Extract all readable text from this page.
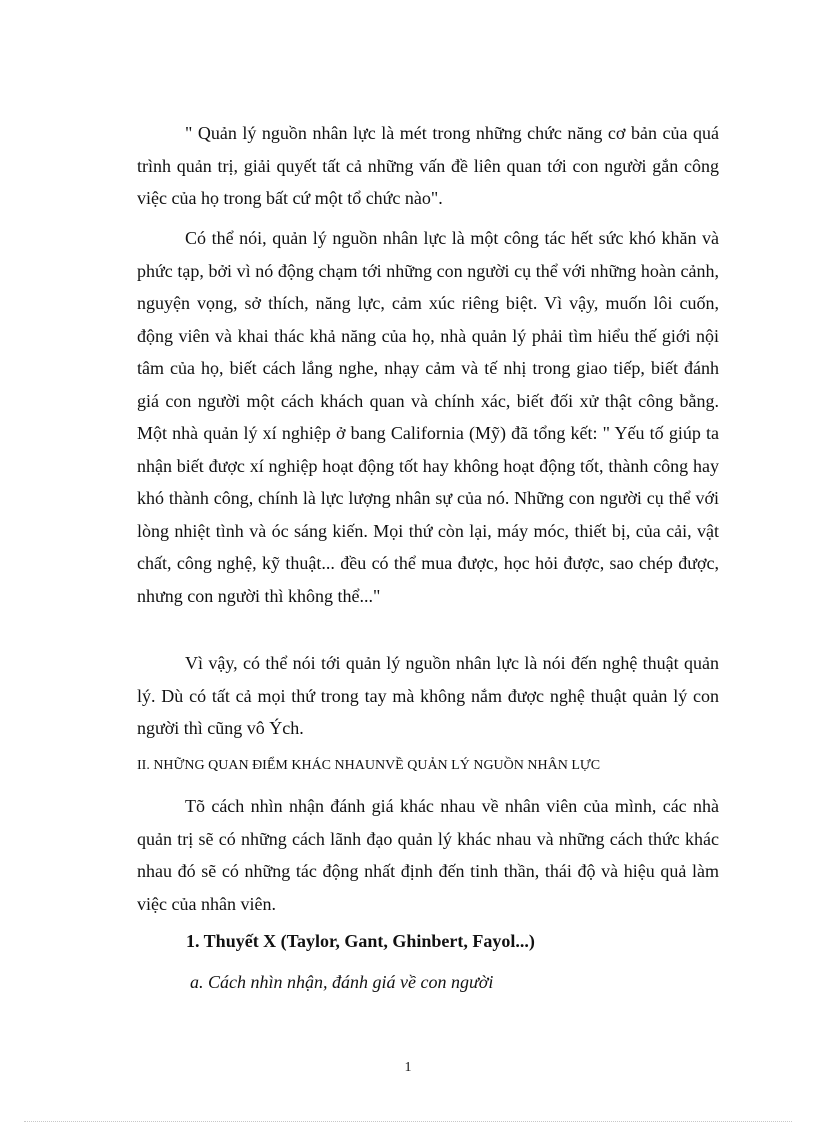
" Quản lý nguồn nhân lực là mét trong những chức năng cơ bản của quá trình quản trị, giải quyết tất cả những vấn đề liên quan tới con người gắn công việc của họ trong bất cứ một tổ chức nào".

Có thể nói, quản lý nguồn nhân lực là một công tác hết sức khó khăn và phức tạp, bởi vì nó động chạm tới những con người cụ thể với những hoàn cảnh, nguyện vọng, sở thích, năng lực, cảm xúc riêng biệt. Vì vậy, muốn lôi cuốn, động viên và khai thác khả năng của họ, nhà quản lý phải tìm hiểu thế giới nội tâm của họ, biết cách lắng nghe, nhạy cảm và tế nhị trong giao tiếp, biết đánh giá con người một cách khách quan và chính xác, biết đối xử thật công bằng. Một nhà quản lý xí nghiệp ở bang California (Mỹ) đã tổng kết: " Yếu tố giúp ta nhận biết được xí nghiệp hoạt động tốt hay không hoạt động tốt, thành công hay khó thành công, chính là lực lượng nhân sự của nó. Những con người cụ thể với lòng nhiệt tình và óc sáng kiến. Mọi thứ còn lại, máy móc, thiết bị, của cải, vật chất, công nghệ, kỹ thuật... đều có thể mua được, học hỏi được, sao chép được, nhưng con người thì không thể..."

Vì vậy, có thể nói tới quản lý nguồn nhân lực là nói đến nghệ thuật quản lý. Dù có tất cả mọi thứ trong tay mà không nắm được nghệ thuật quản lý con người thì cũng vô Ých.

II. NHỮNG QUAN ĐIỂM KHÁC NHAUNVỀ QUẢN LÝ NGUỒN NHÂN LỰC

Tõ cách nhìn nhận đánh giá khác nhau về nhân viên của mình, các nhà quản trị sẽ có những cách lãnh đạo quản lý khác nhau và những cách thức khác nhau đó sẽ có những tác động nhất định đến tinh thần, thái độ và hiệu quả làm việc của nhân viên.

1. Thuyết X (Taylor, Gant, Ghinbert, Fayol...)

a. Cách nhìn nhận, đánh giá về con người

1
